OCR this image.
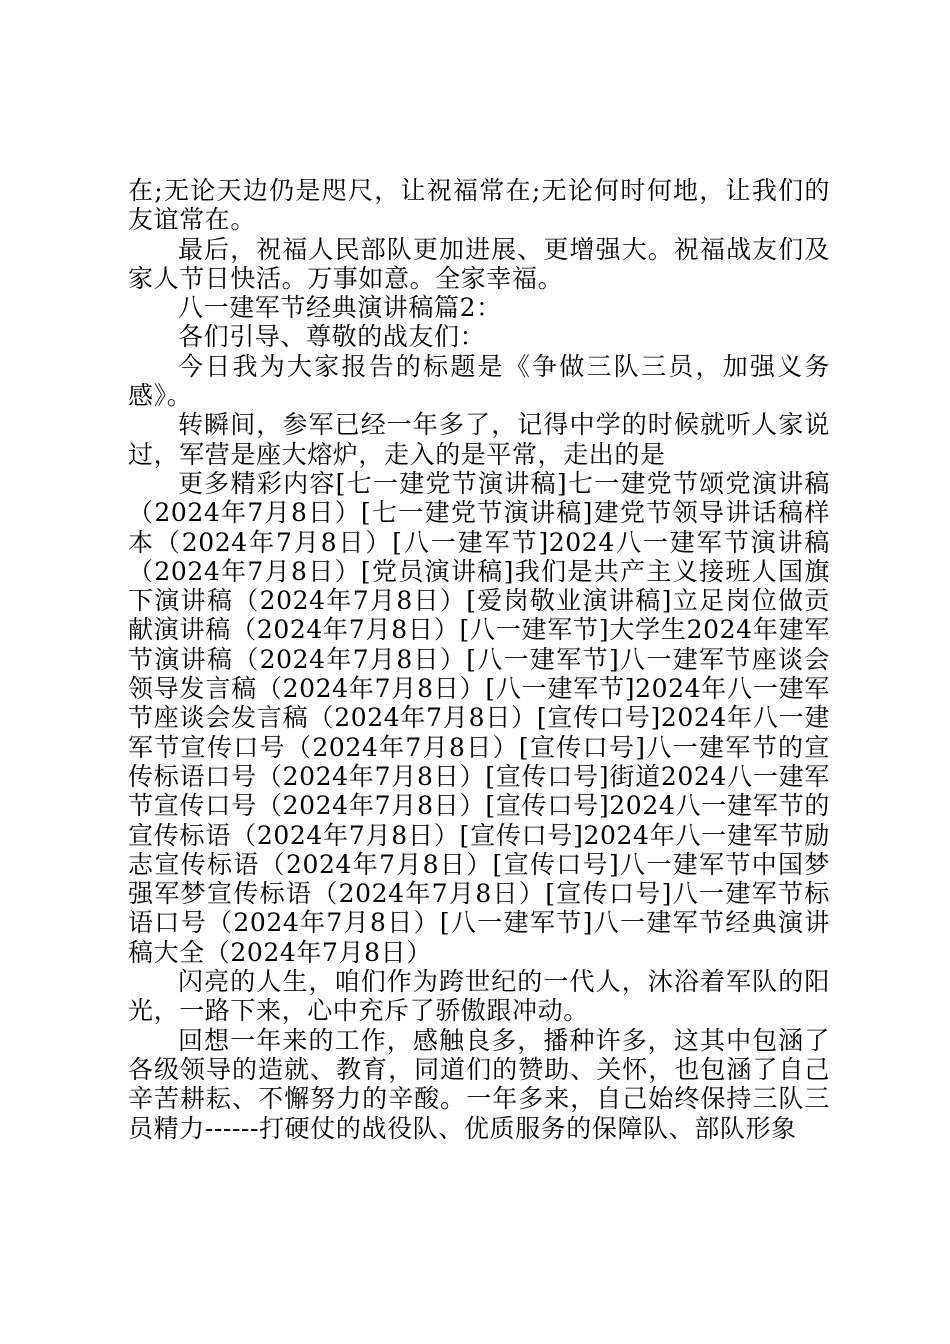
在;无论天边仍是咫尺，让祝福常在;无论何时何地，让我们的友谊常在。

最后，祝福人民部队更加进展、更增强大。祝福战友们及家人节日快活。万事如意。全家幸福。

八一建军节经典演讲稿篇2：

各们引导、尊敬的战友们：

今日我为大家报告的标题是《争做三队三员，加强义务感》。

转瞬间，参军已经一年多了，记得中学的时候就听人家说过，军营是座大熔炉，走入的是平常，走出的是

更多精彩内容[七一建党节演讲稿]七一建党节颂党演讲稿（2024年7月8日）[七一建党节演讲稿]建党节领导讲话稿样本（2024年7月8日）[八一建军节]2024八一建军节演讲稿（2024年7月8日）[党员演讲稿]我们是共产主义接班人国旗下演讲稿（2024年7月8日）[爱岗敬业演讲稿]立足岗位做贡献演讲稿（2024年7月8日）[八一建军节]大学生2024年建军节演讲稿（2024年7月8日）[八一建军节]八一建军节座谈会领导发言稿（2024年7月8日）[八一建军节]2024年八一建军节座谈会发言稿（2024年7月8日）[宣传口号]2024年八一建军节宣传口号（2024年7月8日）[宣传口号]八一建军节的宣传标语口号（2024年7月8日）[宣传口号]街道2024八一建军节宣传口号（2024年7月8日）[宣传口号]2024八一建军节的宣传标语（2024年7月8日）[宣传口号]2024年八一建军节励志宣传标语（2024年7月8日）[宣传口号]八一建军节中国梦强军梦宣传标语（2024年7月8日）[宣传口号]八一建军节标语口号（2024年7月8日）[八一建军节]八一建军节经典演讲稿大全（2024年7月8日）

闪亮的人生，咱们作为跨世纪的一代人，沐浴着军队的阳光，一路下来，心中充斥了骄傲跟冲动。

回想一年来的工作，感触良多，播种许多，这其中包涵了各级领导的造就、教育，同道们的赞助、关怀，也包涵了自己辛苦耕耘、不懈努力的辛酸。一年多来，自己始终保持三队三员精力------打硬仗的战役队、优质服务的保障队、部队形象
